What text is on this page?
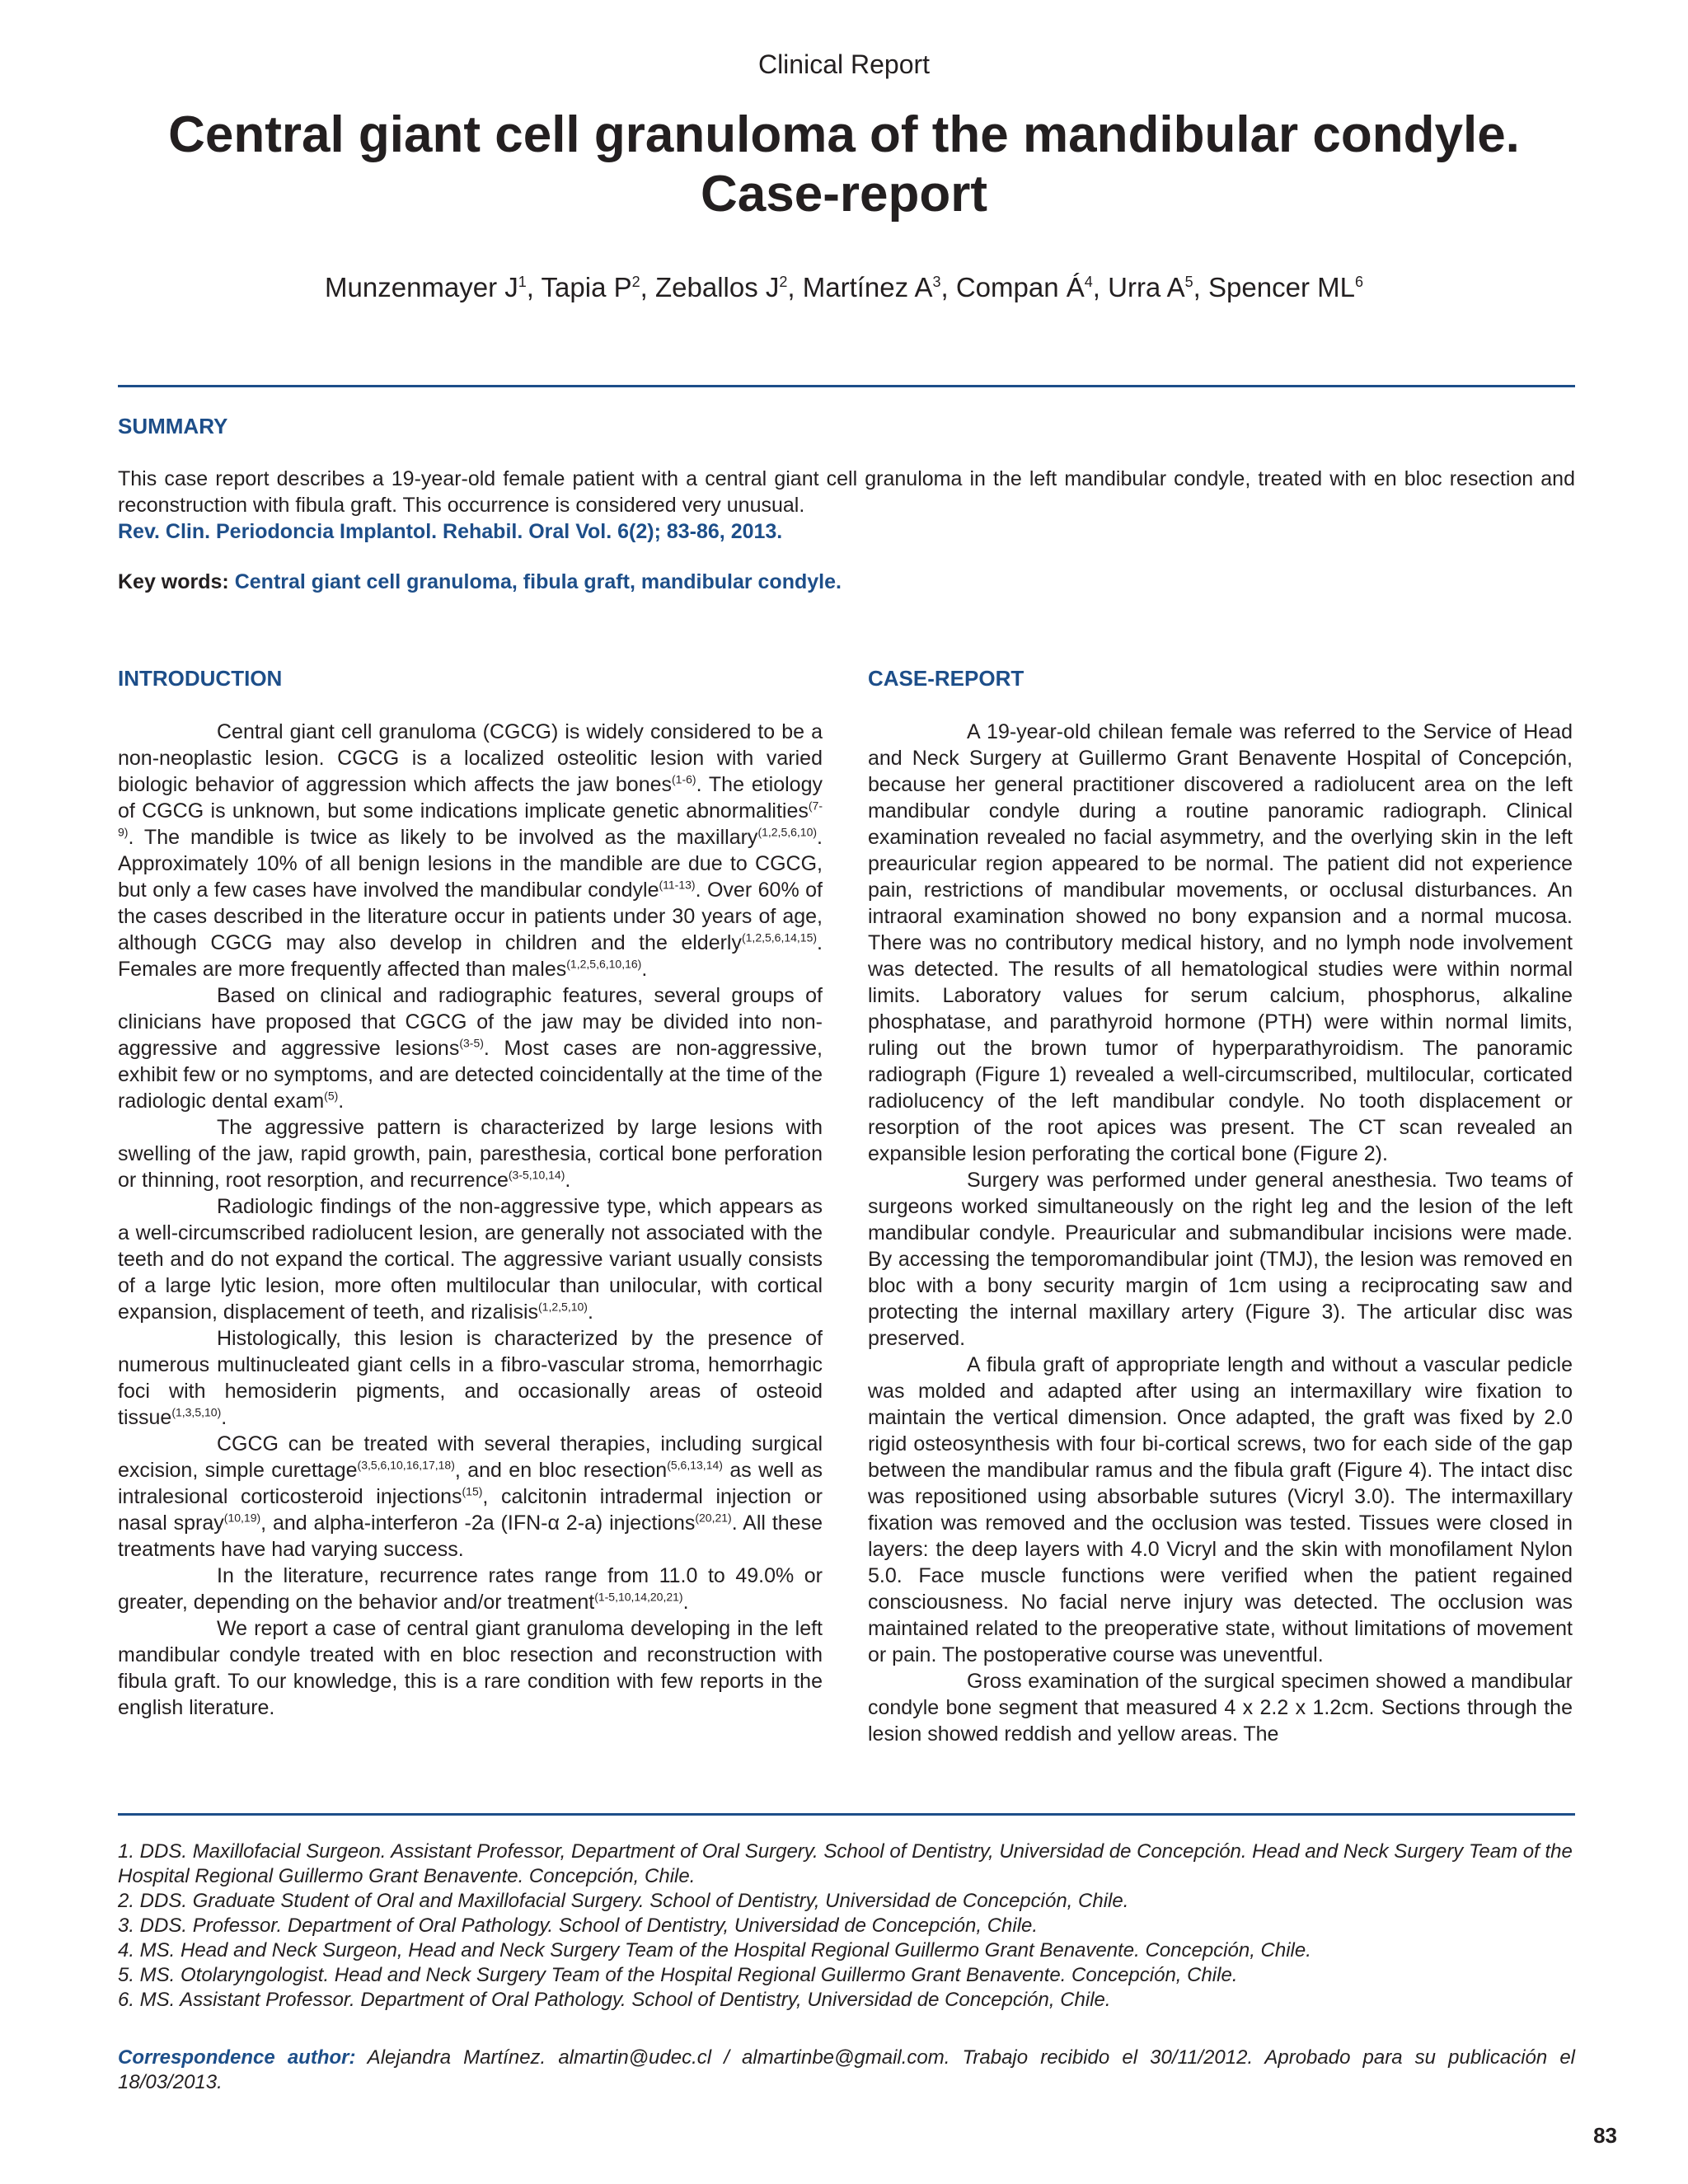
Clinical Report
Central giant cell granuloma of the mandibular condyle.
Case-report
Munzenmayer $J^1$, Tapia $P^2$, Zeballos $J^2$, Martínez $A^3$, Compan $Á^4$, Urra $A^5$, Spencer $ML^6$
SUMMARY
This case report describes a 19-year-old female patient with a central giant cell granuloma in the left mandibular condyle, treated with en bloc resection and reconstruction with fibula graft. This occurrence is considered very unusual.
Rev. Clin. Periodoncia Implantol. Rehabil. Oral Vol. 6(2); 83-86, 2013.
Key words: Central giant cell granuloma, fibula graft, mandibular condyle.
INTRODUCTION	CASE-REPORT

Central giant cell granuloma (CGCG) is widely considered to be a non-neoplastic lesion. CGCG is a localized osteolitic lesion with varied biologic behavior of aggression which affects the jaw bones$^{(1-6)}$. The etiology of CGCG is unknown, but some indications implicate genetic abnormalities$^{(7-9)}$. The mandible is twice as likely to be involved as the maxillary$^{(1,2,5,6,10)}$. Approximately 10% of all benign lesions in the mandible are due to CGCG, but only a few cases have involved the mandibular condyle$^{(11-13)}$. Over 60% of the cases described in the literature occur in patients under 30 years of age, although CGCG may also develop in children and the elderly$^{(1,2,5,6,14,15)}$. Females are more frequently affected than males$^{(1,2,5,6,10,16)}$.

Based on clinical and radiographic features, several groups of clinicians have proposed that CGCG of the jaw may be divided into non-aggressive and aggressive lesions$^{(3-5)}$. Most cases are non-aggressive, exhibit few or no symptoms, and are detected coincidentally at the time of the radiologic dental exam$^{(5)}$.

The aggressive pattern is characterized by large lesions with swelling of the jaw, rapid growth, pain, paresthesia, cortical bone perforation or thinning, root resorption, and recurrence$^{(3-5,10,14)}$.

Radiologic findings of the non-aggressive type, which appears as a well-circumscribed radiolucent lesion, are generally not associated with the teeth and do not expand the cortical. The aggressive variant usually consists of a large lytic lesion, more often multilocular than unilocular, with cortical expansion, displacement of teeth, and rizalisis$^{(1,2,5,10)}$.

Histologically, this lesion is characterized by the presence of numerous multinucleated giant cells in a fibro-vascular stroma, hemorrhagic foci with hemosiderin pigments, and occasionally areas of osteoid tissue$^{(1,3,5,10)}$.

CGCG can be treated with several therapies, including surgical excision, simple curettage$^{(3,5,6,10,16,17,18)}$, and en bloc resection$^{(5,6,13,14)}$ as well as intralesional corticosteroid injections$^{(15)}$, calcitonin intradermal injection or nasal spray$^{(10,19)}$, and alpha-interferon -2a (IFN-α 2-a) injections$^{(20,21)}$. All these treatments have had varying success.

In the literature, recurrence rates range from 11.0 to 49.0% or greater, depending on the behavior and/or treatment$^{(1-5,10,14,20,21)}$.

We report a case of central giant granuloma developing in the left mandibular condyle treated with en bloc resection and reconstruction with fibula graft. To our knowledge, this is a rare condition with few reports in the english literature.

A 19-year-old chilean female was referred to the Service of Head and Neck Surgery at Guillermo Grant Benavente Hospital of Concepción, because her general practitioner discovered a radiolucent area on the left mandibular condyle during a routine panoramic radiograph. Clinical examination revealed no facial asymmetry, and the overlying skin in the left preauricular region appeared to be normal. The patient did not experience pain, restrictions of mandibular movements, or occlusal disturbances. An intraoral examination showed no bony expansion and a normal mucosa. There was no contributory medical history, and no lymph node involvement was detected. The results of all hematological studies were within normal limits. Laboratory values for serum calcium, phosphorus, alkaline phosphatase, and parathyroid hormone (PTH) were within normal limits, ruling out the brown tumor of hyperparathyroidism. The panoramic radiograph (Figure 1) revealed a well-circumscribed, multilocular, corticated radiolucency of the left mandibular condyle. No tooth displacement or resorption of the root apices was present. The CT scan revealed an expansible lesion perforating the cortical bone (Figure 2).

Surgery was performed under general anesthesia. Two teams of surgeons worked simultaneously on the right leg and the lesion of the left mandibular condyle. Preauricular and submandibular incisions were made. By accessing the temporomandibular joint (TMJ), the lesion was removed en bloc with a bony security margin of 1cm using a reciprocating saw and protecting the internal maxillary artery (Figure 3). The articular disc was preserved.

A fibula graft of appropriate length and without a vascular pedicle was molded and adapted after using an intermaxillary wire fixation to maintain the vertical dimension. Once adapted, the graft was fixed by 2.0 rigid osteosynthesis with four bi-cortical screws, two for each side of the gap between the mandibular ramus and the fibula graft (Figure 4). The intact disc was repositioned using absorbable sutures (Vicryl 3.0). The intermaxillary fixation was removed and the occlusion was tested. Tissues were closed in layers: the deep layers with 4.0 Vicryl and the skin with monofilament Nylon 5.0. Face muscle functions were verified when the patient regained consciousness. No facial nerve injury was detected. The occlusion was maintained related to the preoperative state, without limitations of movement or pain. The postoperative course was uneventful.

Gross examination of the surgical specimen showed a mandibular condyle bone segment that measured 4 x 2.2 x 1.2cm. Sections through the lesion showed reddish and yellow areas. The

1. DDS. Maxillofacial Surgeon. Assistant Professor, Department of Oral Surgery. School of Dentistry, Universidad de Concepción. Head and Neck Surgery Team of the Hospital Regional Guillermo Grant Benavente. Concepción, Chile.
2. DDS. Graduate Student of Oral and Maxillofacial Surgery. School of Dentistry, Universidad de Concepción, Chile.
3. DDS. Professor. Department of Oral Pathology. School of Dentistry, Universidad de Concepción, Chile.
4. MS. Head and Neck Surgeon, Head and Neck Surgery Team of the Hospital Regional Guillermo Grant Benavente. Concepción, Chile.
5. MS. Otolaryngologist. Head and Neck Surgery Team of the Hospital Regional Guillermo Grant Benavente. Concepción, Chile.
6. MS. Assistant Professor. Department of Oral Pathology. School of Dentistry, Universidad de Concepción, Chile.
Correspondence author: Alejandra Martínez. almartin@udec.cl / almartinbe@gmail.com. Trabajo recibido el 30/11/2012. Aprobado para su publicación el 18/03/2013.
83
